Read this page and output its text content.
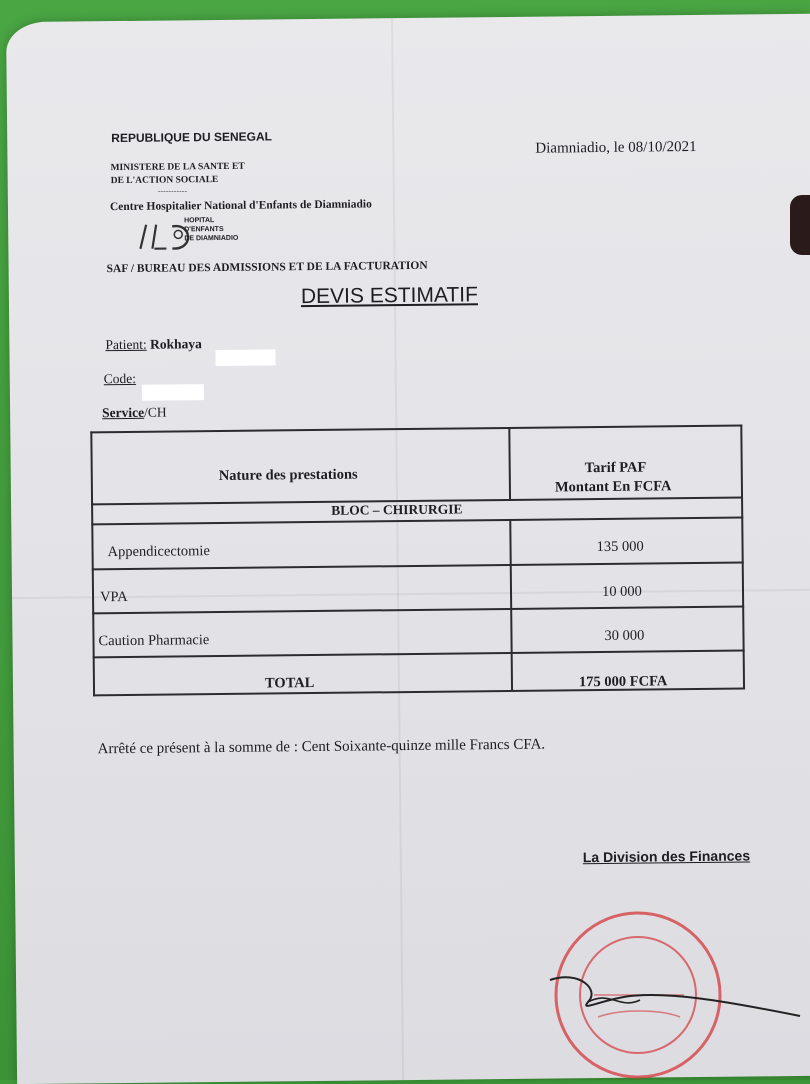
REPUBLIQUE DU SENEGAL
MINISTERE DE LA SANTE ET
DE L'ACTION SOCIALE
-----------
Centre Hospitalier National d'Enfants de Diamniadio
Diamniadio, le 08/10/2021
HOPITAL
D'ENFANTS
DE DIAMNIADIO
SAF / BUREAU DES ADMISSIONS ET DE LA FACTURATION
DEVIS ESTIMATIF
Patient: Rokhaya
Code:
Service/CH
Nature des prestations	Tarif PAF
Montant En FCFA
BLOC – CHIRURGIE
Appendicectomie	135 000
VPA	10 000
Caution Pharmacie	30 000
TOTAL	175 000 FCFA
Arrêté ce présent à la somme de : Cent Soixante-quinze mille Francs CFA.
La Division des Finances
